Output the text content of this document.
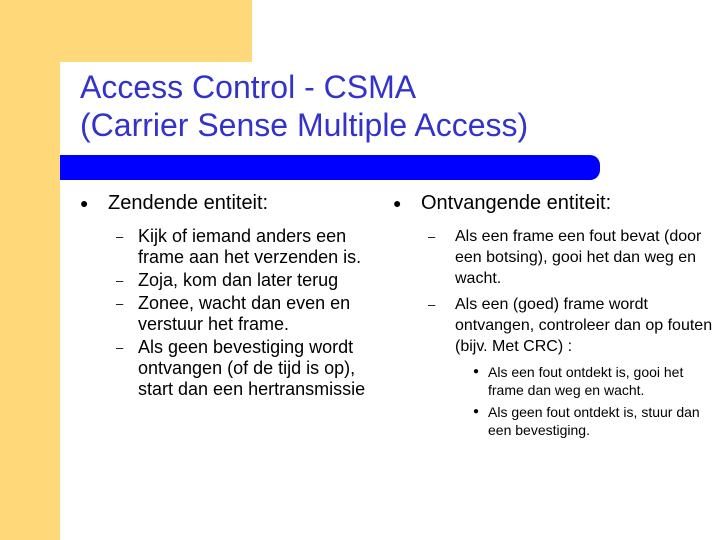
Access Control - CSMA
(Carrier Sense Multiple Access)
● Zendende entiteit:
– Kijk of iemand anders een frame aan het verzenden is.
– Zoja, kom dan later terug
– Zonee, wacht dan even en verstuur het frame.
– Als geen bevestiging wordt ontvangen (of de tijd is op), start dan een hertransmissie
● Ontvangende entiteit:
– Als een frame een fout bevat (door een botsing), gooi het dan weg en wacht.
– Als een (goed) frame wordt ontvangen, controleer dan op fouten (bijv. Met CRC) :
● Als een fout ontdekt is, gooi het frame dan weg en wacht.
● Als geen fout ontdekt is, stuur dan een bevestiging.
